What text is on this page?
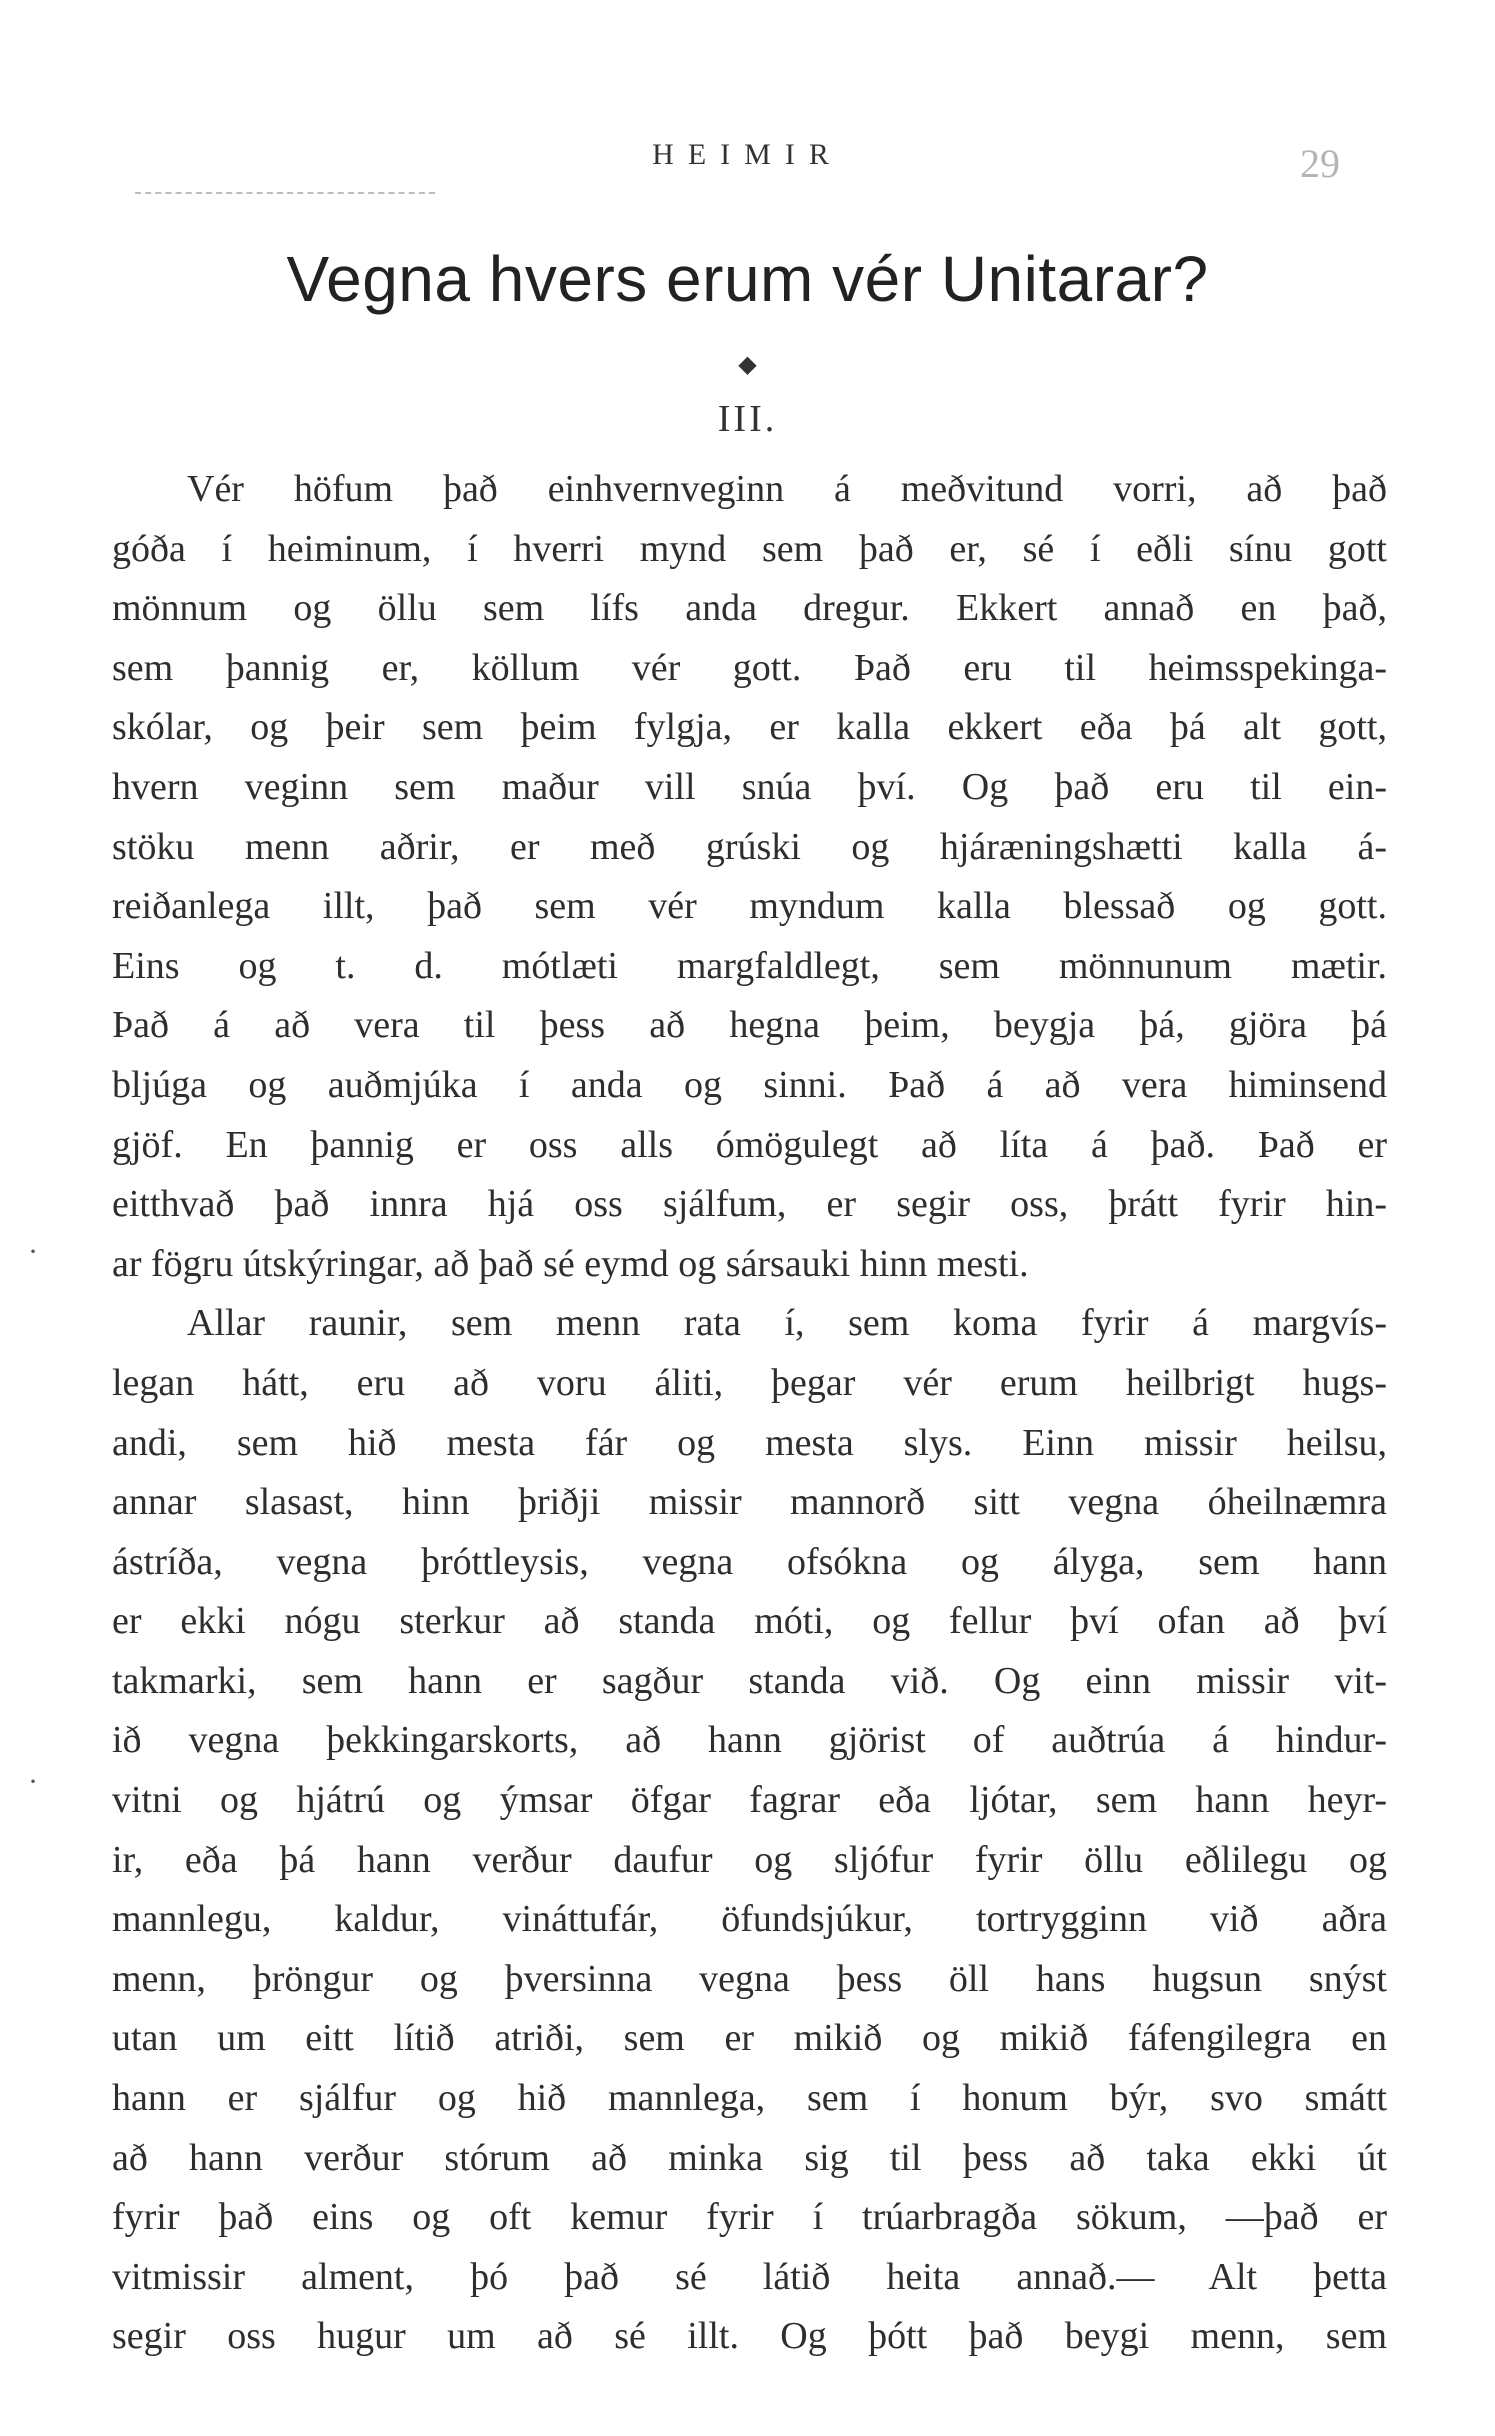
HEIMIR	29
Vegna hvers erum vér Unitarar?
◆
III.
·
·
Vér höfum það einhvernveginn á meðvitund vorri, að það
góða í heiminum, í hverri mynd sem það er, sé í eðli sínu gott
mönnum og öllu sem lífs anda dregur. Ekkert annað en það,
sem þannig er, köllum vér gott. Það eru til heimsspekinga-
skólar, og þeir sem þeim fylgja, er kalla ekkert eða þá alt gott,
hvern veginn sem maður vill snúa því. Og það eru til ein-
stöku menn aðrir, er með grúski og hjáræningshætti kalla á-
reiðanlega illt, það sem vér myndum kalla blessað og gott.
Eins og t. d. mótlæti margfaldlegt, sem mönnunum mætir.
Það á að vera til þess að hegna þeim, beygja þá, gjöra þá
bljúga og auðmjúka í anda og sinni. Það á að vera himinsend
gjöf. En þannig er oss alls ómögulegt að líta á það. Það er
eitthvað það innra hjá oss sjálfum, er segir oss, þrátt fyrir hin-
ar fögru útskýringar, að það sé eymd og sársauki hinn mesti.
Allar raunir, sem menn rata í, sem koma fyrir á margvís-
legan hátt, eru að voru áliti, þegar vér erum heilbrigt hugs-
andi, sem hið mesta fár og mesta slys. Einn missir heilsu,
annar slasast, hinn þriðji missir mannorð sitt vegna óheilnæmra
ástríða, vegna þróttleysis, vegna ofsókna og ályga, sem hann
er ekki nógu sterkur að standa móti, og fellur því ofan að því
takmarki, sem hann er sagður standa við. Og einn missir vit-
ið vegna þekkingarskorts, að hann gjörist of auðtrúa á hindur-
vitni og hjátrú og ýmsar öfgar fagrar eða ljótar, sem hann heyr-
ir, eða þá hann verður daufur og sljófur fyrir öllu eðlilegu og
mannlegu, kaldur, vináttufár, öfundsjúkur, tortrygginn við aðra
menn, þröngur og þversinna vegna þess öll hans hugsun snýst
utan um eitt lítið atriði, sem er mikið og mikið fáfengilegra en
hann er sjálfur og hið mannlega, sem í honum býr, svo smátt
að hann verður stórum að minka sig til þess að taka ekki út
fyrir það eins og oft kemur fyrir í trúarbragða sökum, —það er
vitmissir alment, þó það sé látið heita annað.— Alt þetta
segir oss hugur um að sé illt. Og þótt það beygi menn, sem
